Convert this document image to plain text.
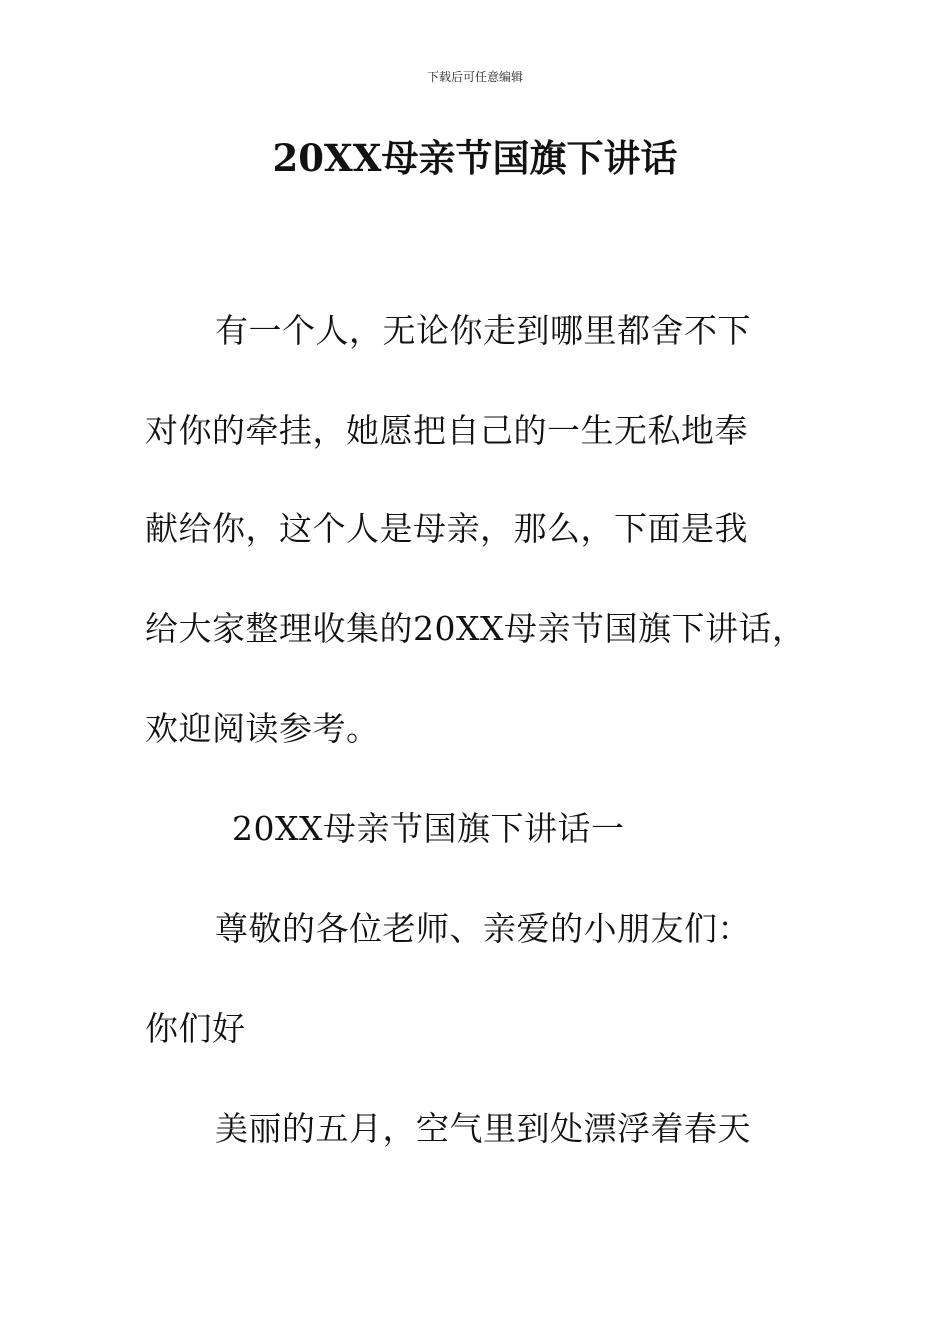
下载后可任意编辑
20XX母亲节国旗下讲话
有一个人，无论你走到哪里都舍不下
对你的牵挂，她愿把自己的一生无私地奉
献给你，这个人是母亲，那么，下面是我
给大家整理收集的20XX母亲节国旗下讲话，
欢迎阅读参考。
20XX母亲节国旗下讲话一
尊敬的各位老师、亲爱的小朋友们：
你们好
美丽的五月，空气里到处漂浮着春天
